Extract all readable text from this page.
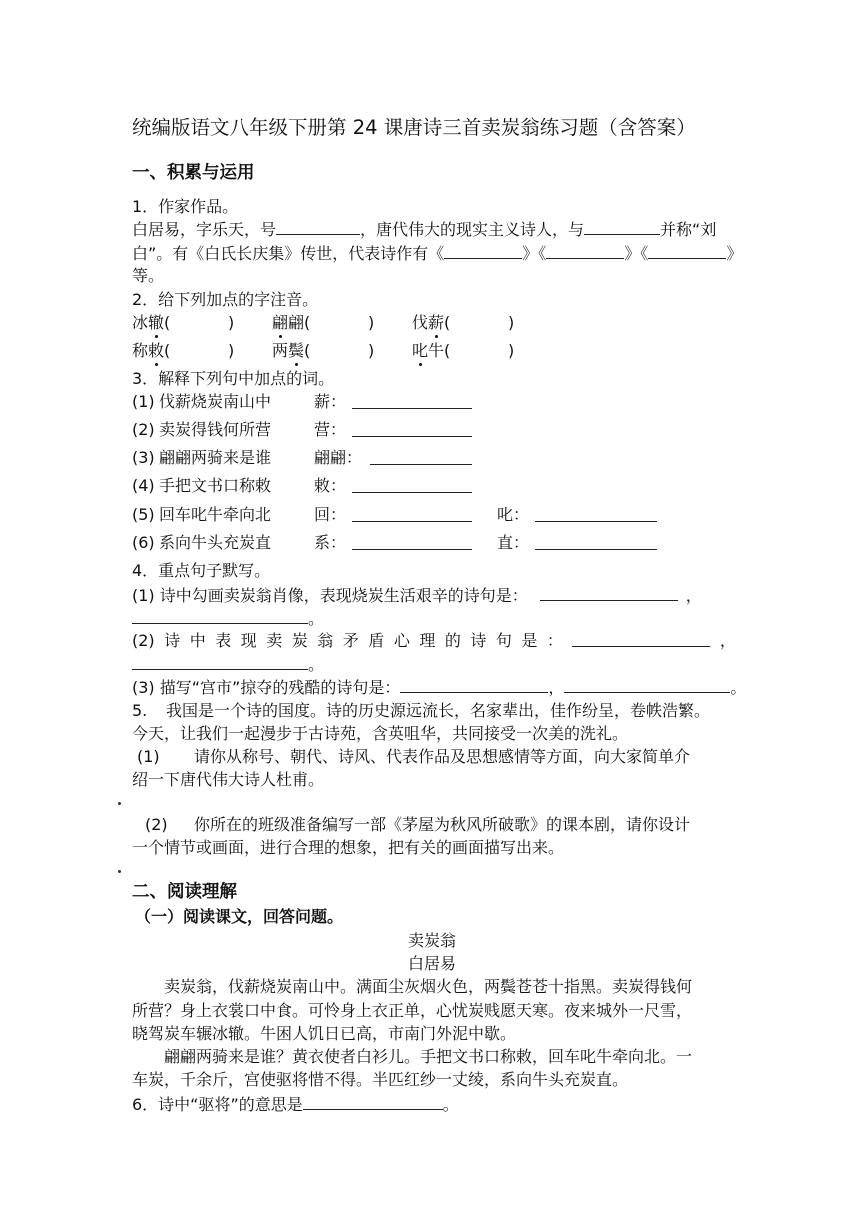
统编版语文八年级下册第 24 课唐诗三首卖炭翁练习题（含答案）
一、积累与运用
1．作家作品。
白居易，字乐天，号	，唐代伟大的现实主义诗人，与	并称“刘
白”。有《白氏长庆集》传世，代表诗作有《	》《	》《	》
等。
2．给下列加点的字注音。
冰辙(	) 翩翩(	) 伐薪(	)
称敕(	) 两鬓(	) 叱牛(	)
3．解释下列句中加点的词。
(1) 伐薪烧炭南山中	薪：
(2) 卖炭得钱何所营	营：
(3) 翩翩两骑来是谁	翩翩：
(4) 手把文书口称敕	敕：
(5) 回车叱牛牵向北	回：	叱：
(6) 系向牛头充炭直	系：	直：
4．重点句子默写。
(1) 诗中勾画卖炭翁肖像，表现烧炭生活艰辛的诗句是：	，
。
(2) 诗 中 表 现 卖 炭 翁 矛 盾 心 理 的 诗 句 是 ：	，
。
(3) 描写“宫市”掠夺的残酷的诗句是：	，	。
5. 我国是一个诗的国度。诗的历史源远流长，名家辈出，佳作纷呈，卷帙浩繁。
今天，让我们一起漫步于古诗苑，含英咀华，共同接受一次美的洗礼。
(1) 请你从称号、朝代、诗风、代表作品及思想感情等方面，向大家简单介
绍一下唐代伟大诗人杜甫。
(2) 你所在的班级准备编写一部《茅屋为秋风所破歌》的课本剧，请你设计
一个情节或画面，进行合理的想象，把有关的画面描写出来。
二、阅读理解
（一）阅读课文，回答问题。
卖炭翁
白居易
卖炭翁，伐薪烧炭南山中。满面尘灰烟火色，两鬓苍苍十指黑。卖炭得钱何
所营？身上衣裳口中食。可怜身上衣正单，心忧炭贱愿天寒。夜来城外一尺雪，
晓驾炭车辗冰辙。牛困人饥日已高，市南门外泥中歇。
翩翩两骑来是谁？黄衣使者白衫儿。手把文书口称敕，回车叱牛牵向北。一
车炭，千余斤，宫使驱将惜不得。半匹红纱一丈绫，系向牛头充炭直。
6．诗中“驱将”的意思是	。
